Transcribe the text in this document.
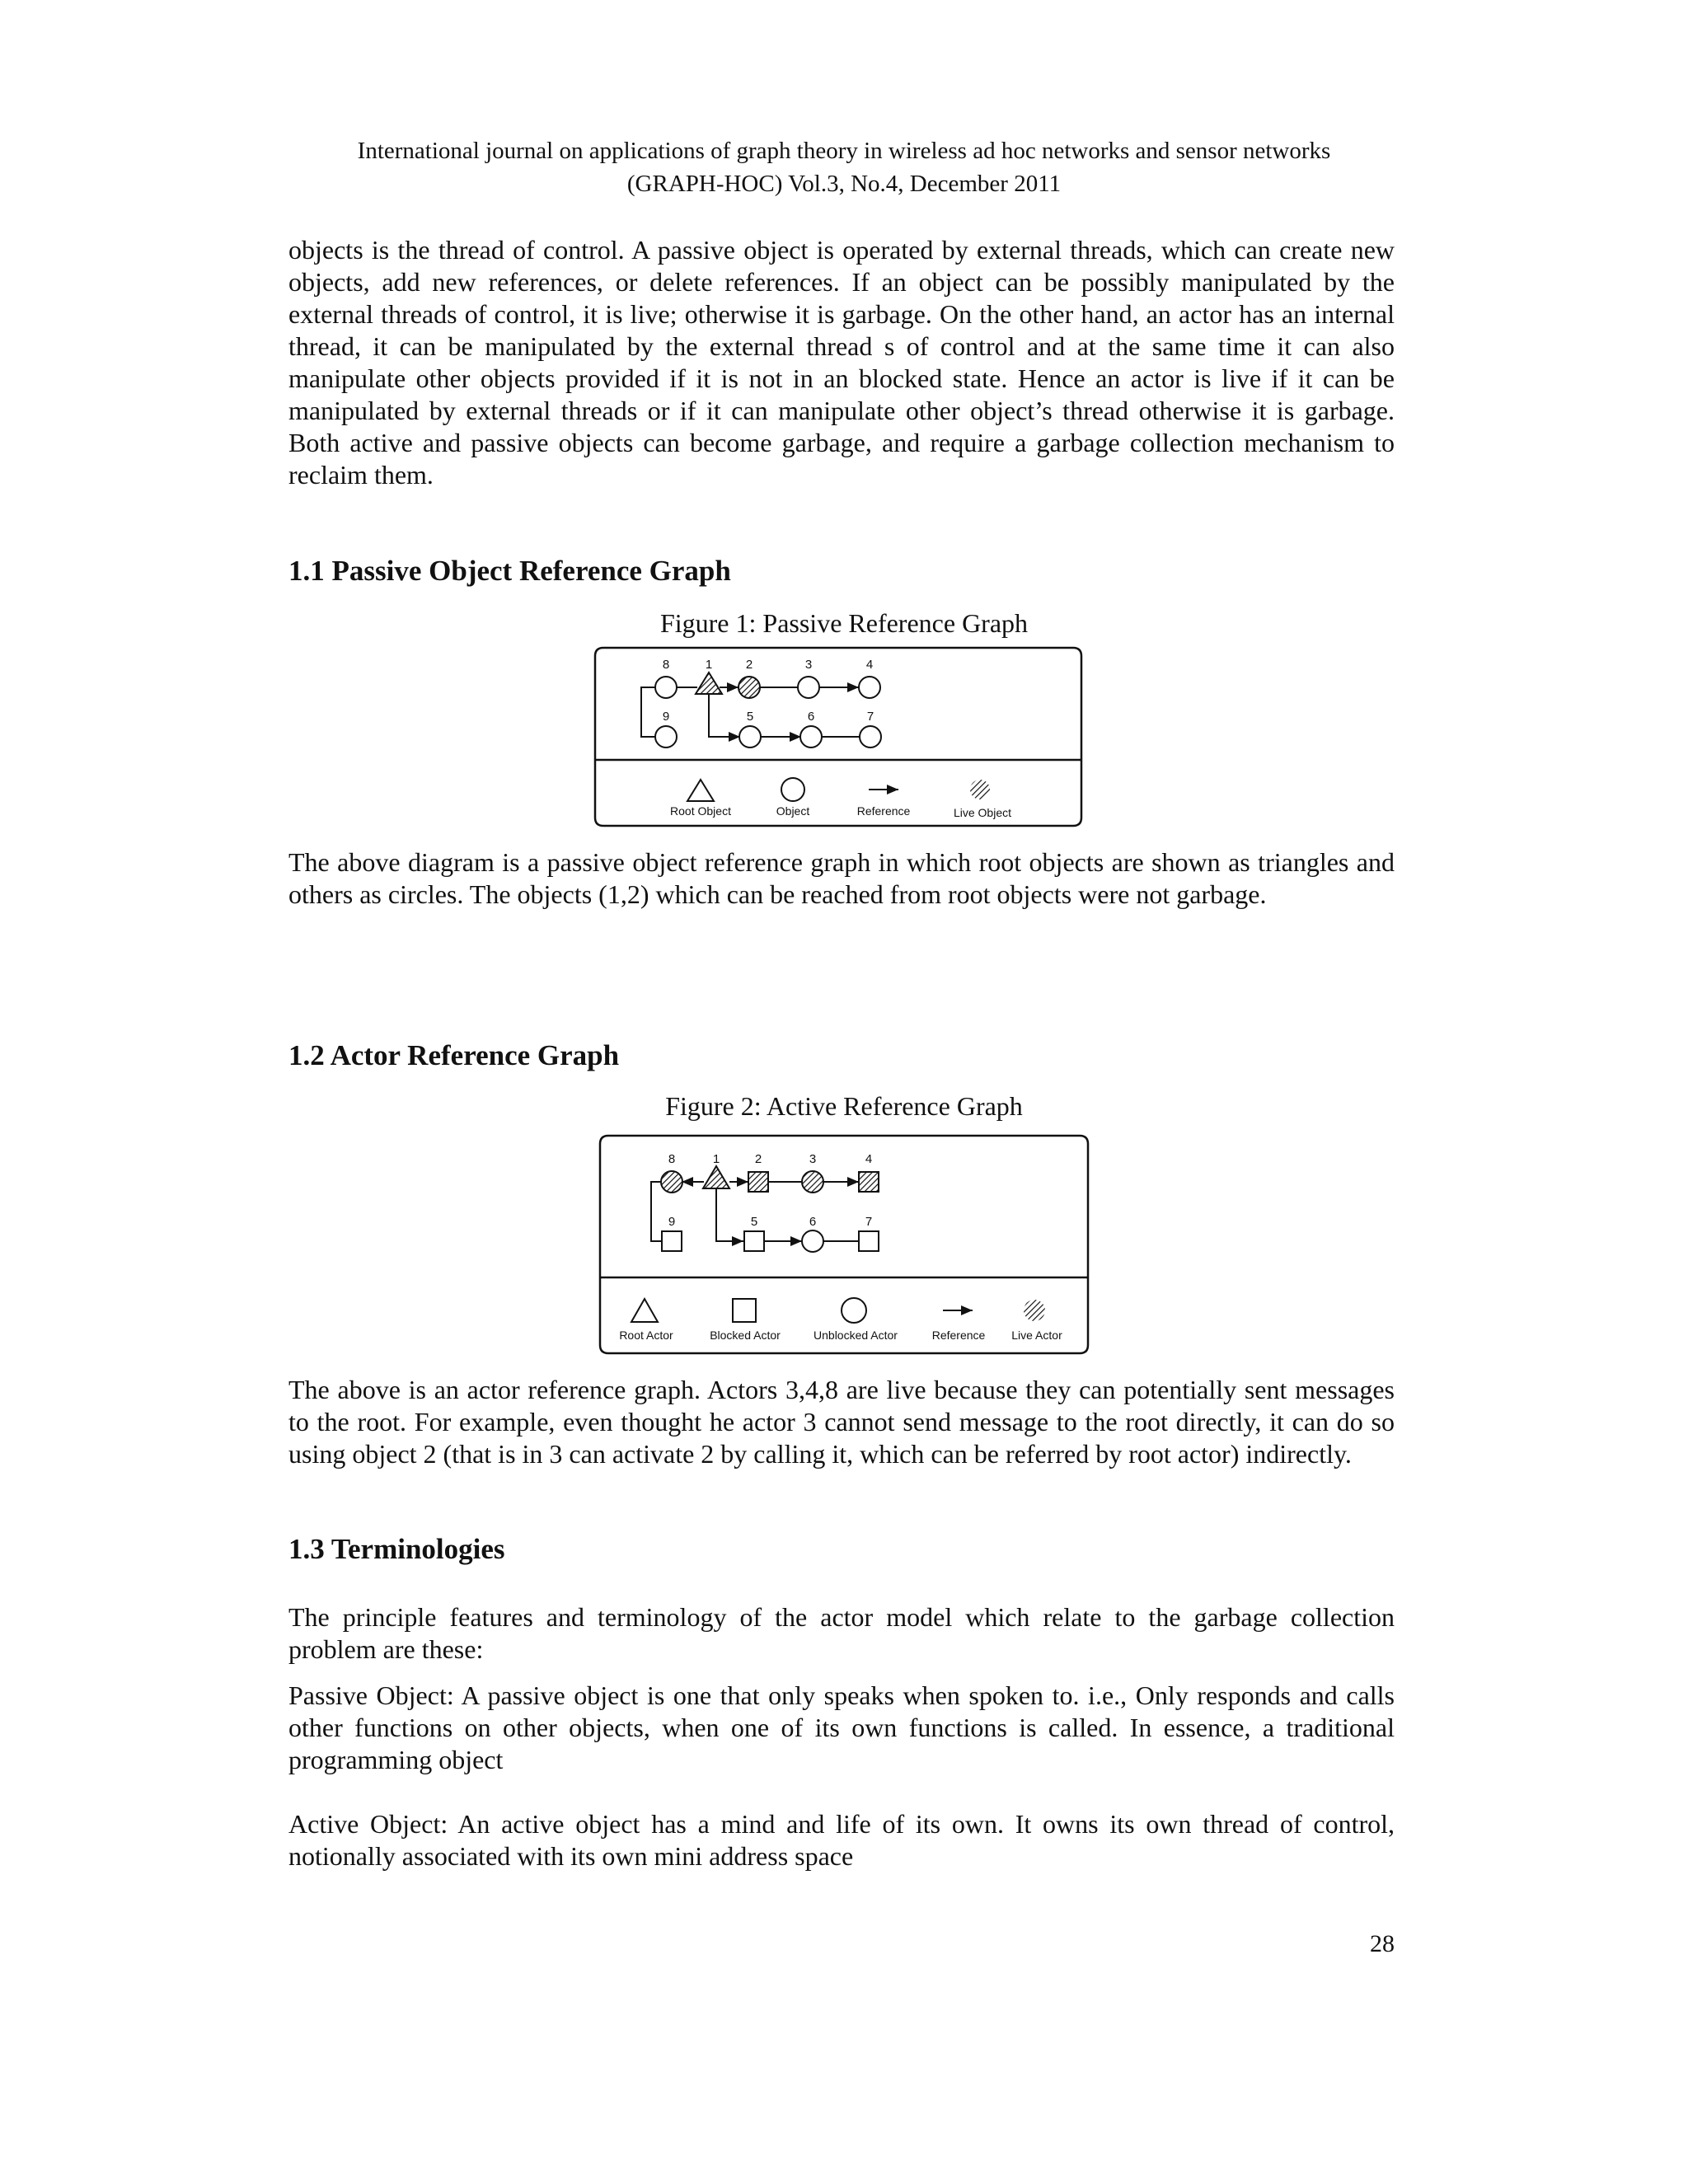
International journal on applications of graph theory in wireless ad hoc networks and sensor networks
(GRAPH-HOC) Vol.3, No.4, December 2011

objects is the thread of control. A passive object is operated by external threads, which can create new objects, add new references, or delete references. If an object can be possibly manipulated by the external threads of control, it is live; otherwise it is garbage. On the other hand, an actor has an internal thread, it can be manipulated by the external thread s of control and at the same time it can also manipulate other objects provided if it is not in an blocked state. Hence an actor is live if it can be manipulated by external threads or if it can manipulate other object’s thread otherwise it is garbage. Both active and passive objects can become garbage, and require a garbage collection mechanism to reclaim them.

1.1 Passive Object Reference Graph
Figure 1: Passive Reference Graph
8	1	2	3	4
9	5	6	7
Root Object	Object	Reference	Live Object

The above diagram is a passive object reference graph in which root objects are shown as triangles and others as circles. The objects (1,2) which can be reached from root objects were not garbage.

1.2 Actor Reference Graph
Figure 2: Active Reference Graph
8	1	2	3	4
9	5	6	7
Root Actor	Blocked Actor	Unblocked Actor	Reference Live Actor

The above is an actor reference graph. Actors 3,4,8 are live because they can potentially sent messages to the root. For example, even thought he actor 3 cannot send message to the root directly, it can do so using object 2 (that is in 3 can activate 2 by calling it, which can be referred by root actor) indirectly.

1.3 Terminologies

The principle features and terminology of the actor model which relate to the garbage collection problem are these:

Passive Object: A passive object is one that only speaks when spoken to. i.e., Only responds and calls other functions on other objects, when one of its own functions is called. In essence, a traditional programming object

Active Object: An active object has a mind and life of its own. It owns its own thread of control, notionally associated with its own mini address space

28
